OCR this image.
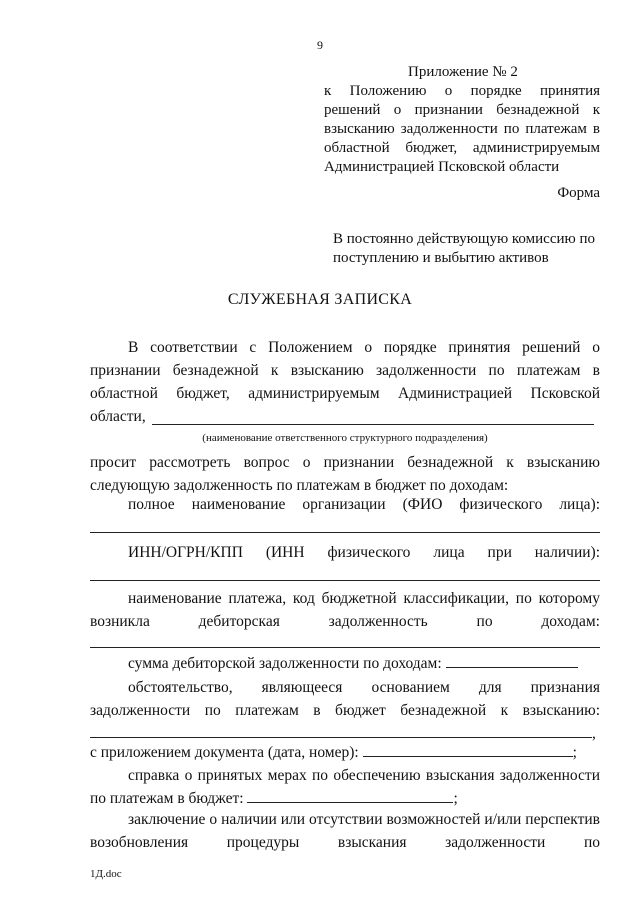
9
Приложение № 2
к Положению о порядке принятия решений о признании безнадежной к взысканию задолженности по платежам в областной бюджет, администрируемым Администрацией Псковской области
Форма
В постоянно действующую комиссию по поступлению и выбытию активов
СЛУЖЕБНАЯ ЗАПИСКА
В соответствии с Положением о порядке принятия решений о признании безнадежной к взысканию задолженности по платежам в областной бюджет, администрируемым Администрацией Псковской области,
(наименование ответственного структурного подразделения)
просит рассмотреть вопрос о признании безнадежной к взысканию следующую задолженность по платежам в бюджет по доходам:
полное наименование организации (ФИО физического лица):
ИНН/ОГРН/КПП (ИНН физического лица при наличии):
наименование платежа, код бюджетной классификации, по которому возникла дебиторская задолженность по доходам:
сумма дебиторской задолженности по доходам:
обстоятельство, являющееся основанием для признания задолженности по платежам в бюджет безнадежной к взысканию:
,
с приложением документа (дата, номер):	;
справка о принятых мерах по обеспечению взыскания задолженности по платежам в бюджет:	;
заключение о наличии или отсутствии возможностей и/или перспектив возобновления процедуры взыскания задолженности по
1Д.doc
